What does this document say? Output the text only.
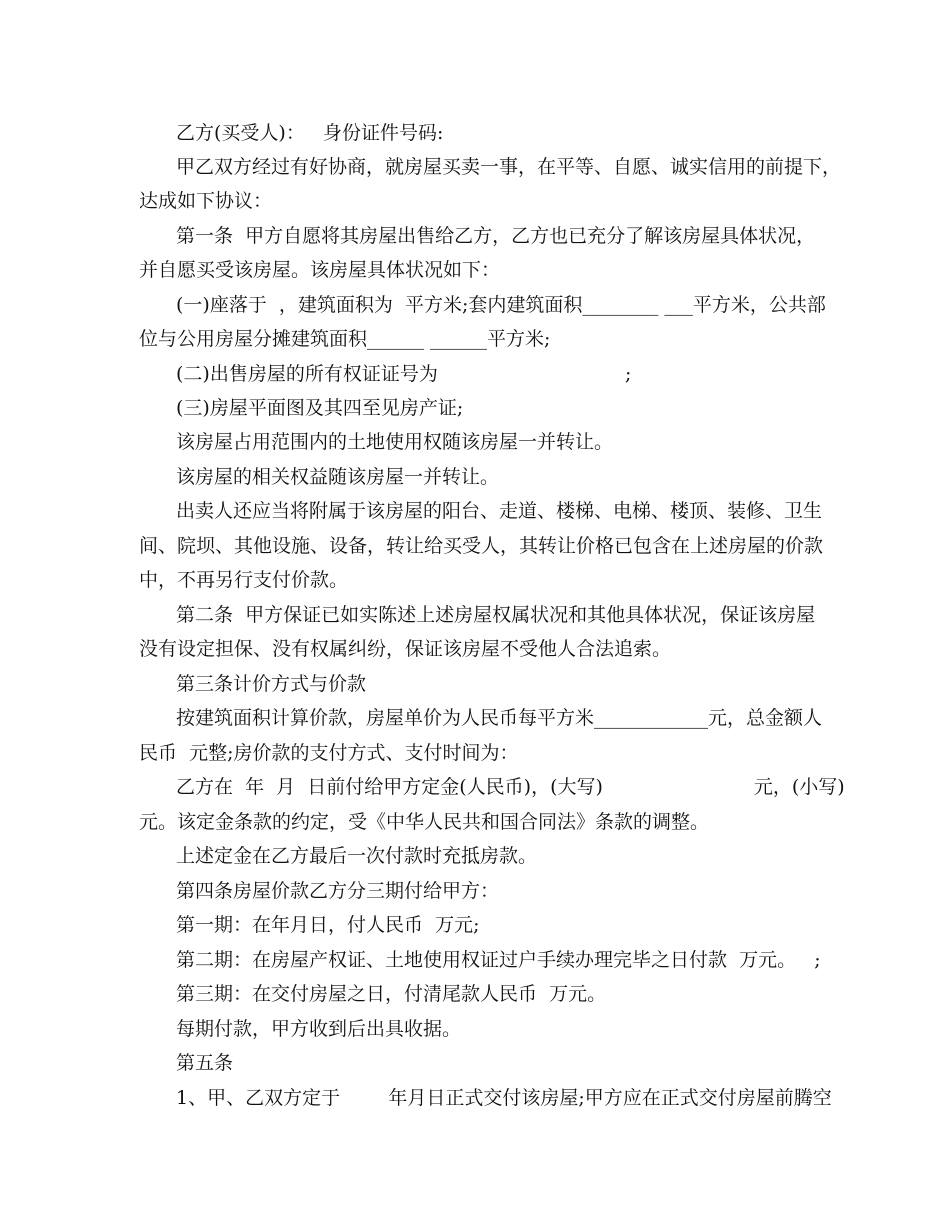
乙方(买受人)：   身份证件号码:
甲乙双方经过有好协商，就房屋买卖一事，在平等、自愿、诚实信用的前提下，
达成如下协议：
第一条  甲方自愿将其房屋出售给乙方，乙方也已充分了解该房屋具体状况，
并自愿买受该房屋。该房屋具体状况如下：
(一)座落于  ，建筑面积为  平方米;套内建筑面积________ ___平方米，公共部
位与公用房屋分摊建筑面积______ ______平方米;
(二)出售房屋的所有权证证号为                               ;
(三)房屋平面图及其四至见房产证;
该房屋占用范围内的土地使用权随该房屋一并转让。
该房屋的相关权益随该房屋一并转让。
出卖人还应当将附属于该房屋的阳台、走道、楼梯、电梯、楼顶、装修、卫生
间、院坝、其他设施、设备，转让给买受人，其转让价格已包含在上述房屋的价款
中，不再另行支付价款。
第二条  甲方保证已如实陈述上述房屋权属状况和其他具体状况，保证该房屋
没有设定担保、没有权属纠纷，保证该房屋不受他人合法追索。
第三条计价方式与价款
按建筑面积计算价款，房屋单价为人民币每平方米____________元，总金额人
民币  元整;房价款的支付方式、支付时间为：
乙方在  年  月  日前付给甲方定金(人民币)，(大写)                         元，(小写)
元。该定金条款的约定，受《中华人民共和国合同法》条款的调整。
上述定金在乙方最后一次付款时充抵房款。
第四条房屋价款乙方分三期付给甲方：
第一期：在年月日，付人民币  万元;
第二期：在房屋产权证、土地使用权证过户手续办理完毕之日付款  万元。   ;
第三期：在交付房屋之日，付清尾款人民币  万元。
每期付款，甲方收到后出具收据。
第五条
1、甲、乙双方定于        年月日正式交付该房屋;甲方应在正式交付房屋前腾空
